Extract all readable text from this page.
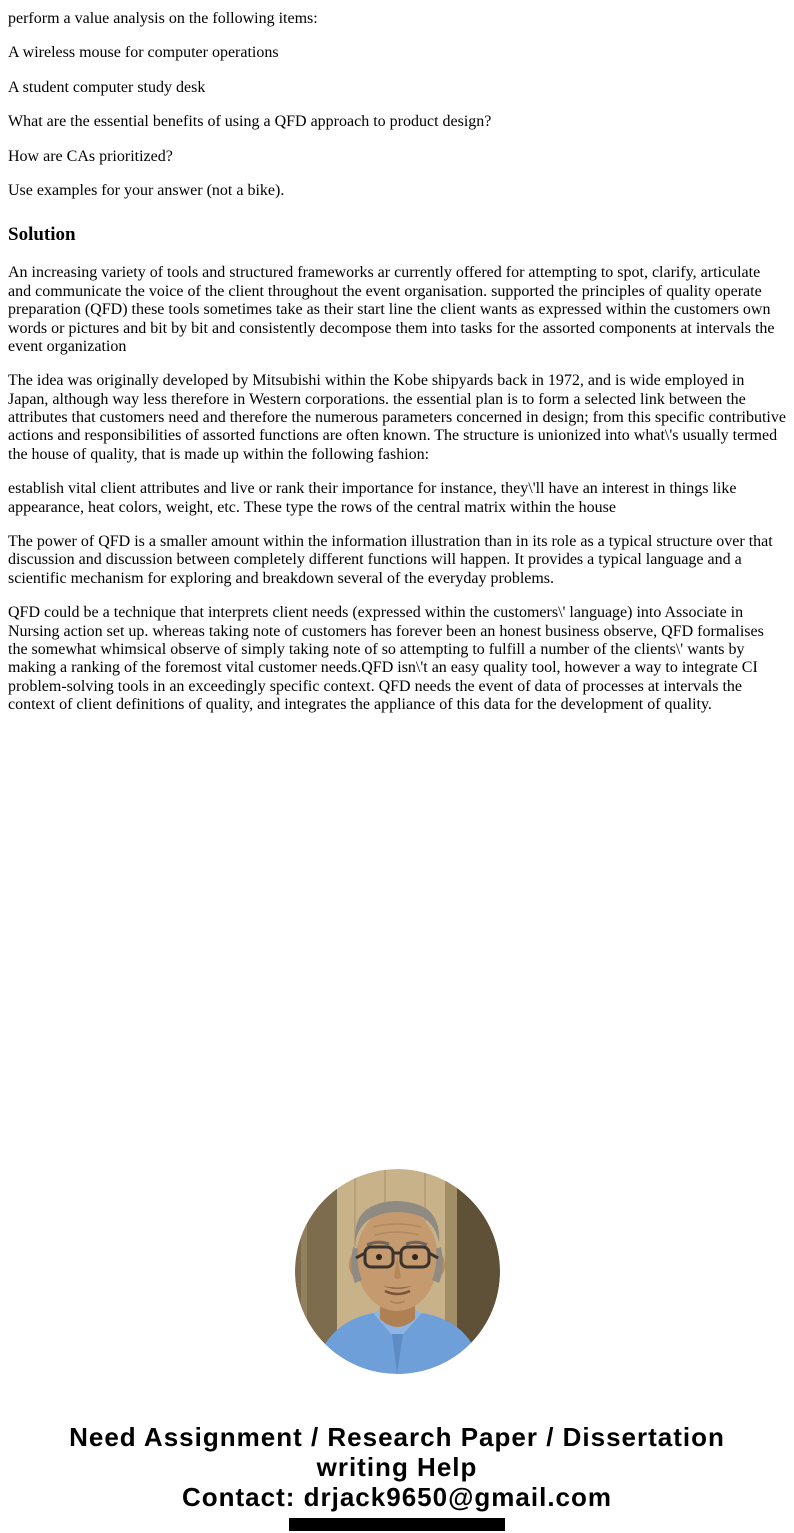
perform a value analysis on the following items:

A wireless mouse for computer operations

A student computer study desk

What are the essential benefits of using a QFD approach to product design?

How are CAs prioritized?

Use examples for your answer (not a bike).

Solution

An increasing variety of tools and structured frameworks ar currently offered for attempting to spot, clarify, articulate and communicate the voice of the client throughout the event organisation. supported the principles of quality operate preparation (QFD) these tools sometimes take as their start line the client wants as expressed within the customers own words or pictures and bit by bit and consistently decompose them into tasks for the assorted components at intervals the event organization

The idea was originally developed by Mitsubishi within the Kobe shipyards back in 1972, and is wide employed in Japan, although way less therefore in Western corporations. the essential plan is to form a selected link between the attributes that customers need and therefore the numerous parameters concerned in design; from this specific contributive actions and responsibilities of assorted functions are often known. The structure is unionized into what\'s usually termed the house of quality, that is made up within the following fashion:

establish vital client attributes and live or rank their importance for instance, they\'ll have an interest in things like appearance, heat colors, weight, etc. These type the rows of the central matrix within the house

The power of QFD is a smaller amount within the information illustration than in its role as a typical structure over that discussion and discussion between completely different functions will happen. It provides a typical language and a scientific mechanism for exploring and breakdown several of the everyday problems.

QFD could be a technique that interprets client needs (expressed within the customers\' language) into Associate in Nursing action set up. whereas taking note of customers has forever been an honest business observe, QFD formalises the somewhat whimsical observe of simply taking note of so attempting to fulfill a number of the clients\' wants by making a ranking of the foremost vital customer needs.QFD isn\'t an easy quality tool, however a way to integrate CI problem-solving tools in an exceedingly specific context. QFD needs the event of data of processes at intervals the context of client definitions of quality, and integrates the appliance of this data for the development of quality.

Need Assignment / Research Paper / Dissertation
writing Help
Contact: drjack9650@gmail.com
